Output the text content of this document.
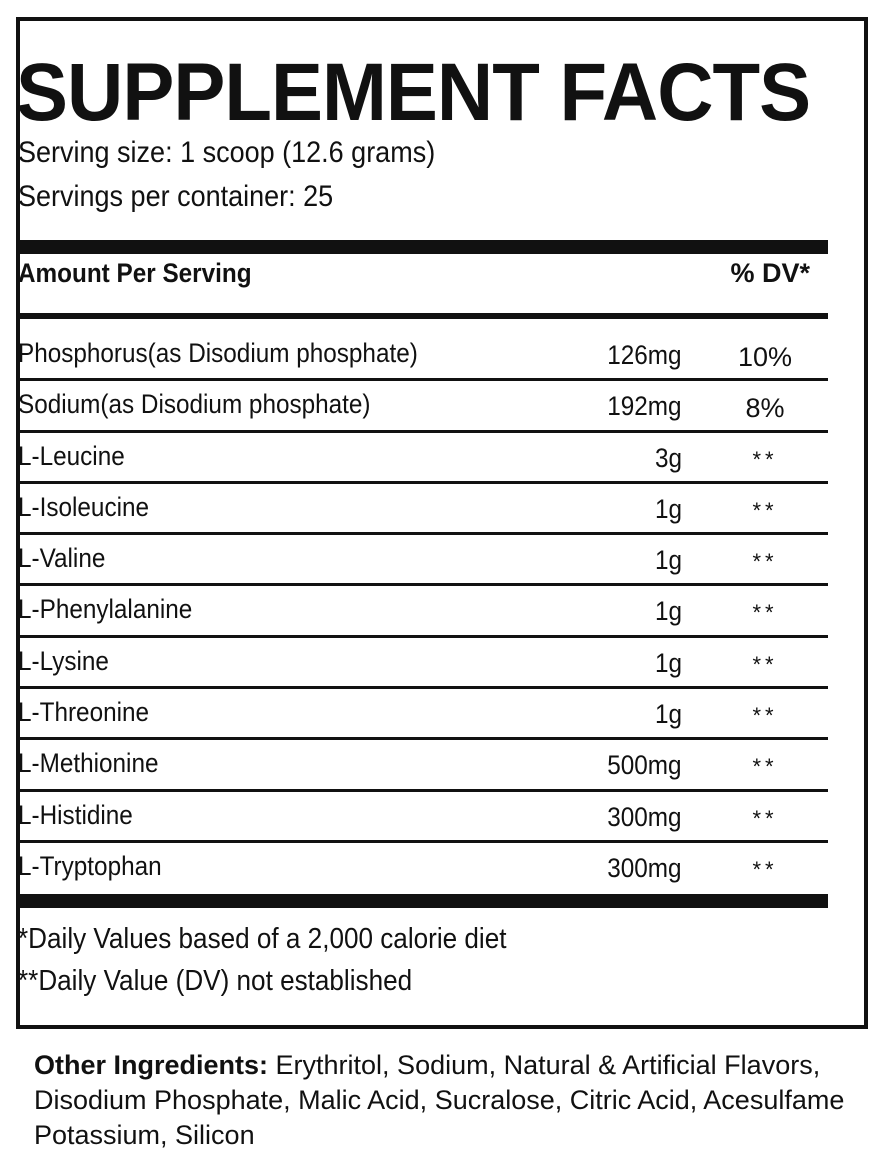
SUPPLEMENT FACTS
Serving size: 1 scoop (12.6 grams)
Servings per container: 25
Amount Per Serving	% DV*
Phosphorus(as Disodium phosphate)	126mg	10%
Sodium(as Disodium phosphate)	192mg	8%
L-Leucine	3g	**
L-Isoleucine	1g	**
L-Valine	1g	**
L-Phenylalanine	1g	**
L-Lysine	1g	**
L-Threonine	1g	**
L-Methionine	500mg	**
L-Histidine	300mg	**
L-Tryptophan	300mg	**
*Daily Values based of a 2,000 calorie diet
**Daily Value (DV) not established
Other Ingredients: Erythritol, Sodium, Natural & Artificial Flavors, Disodium Phosphate, Malic Acid, Sucralose, Citric Acid, Acesulfame Potassium, Silicon
